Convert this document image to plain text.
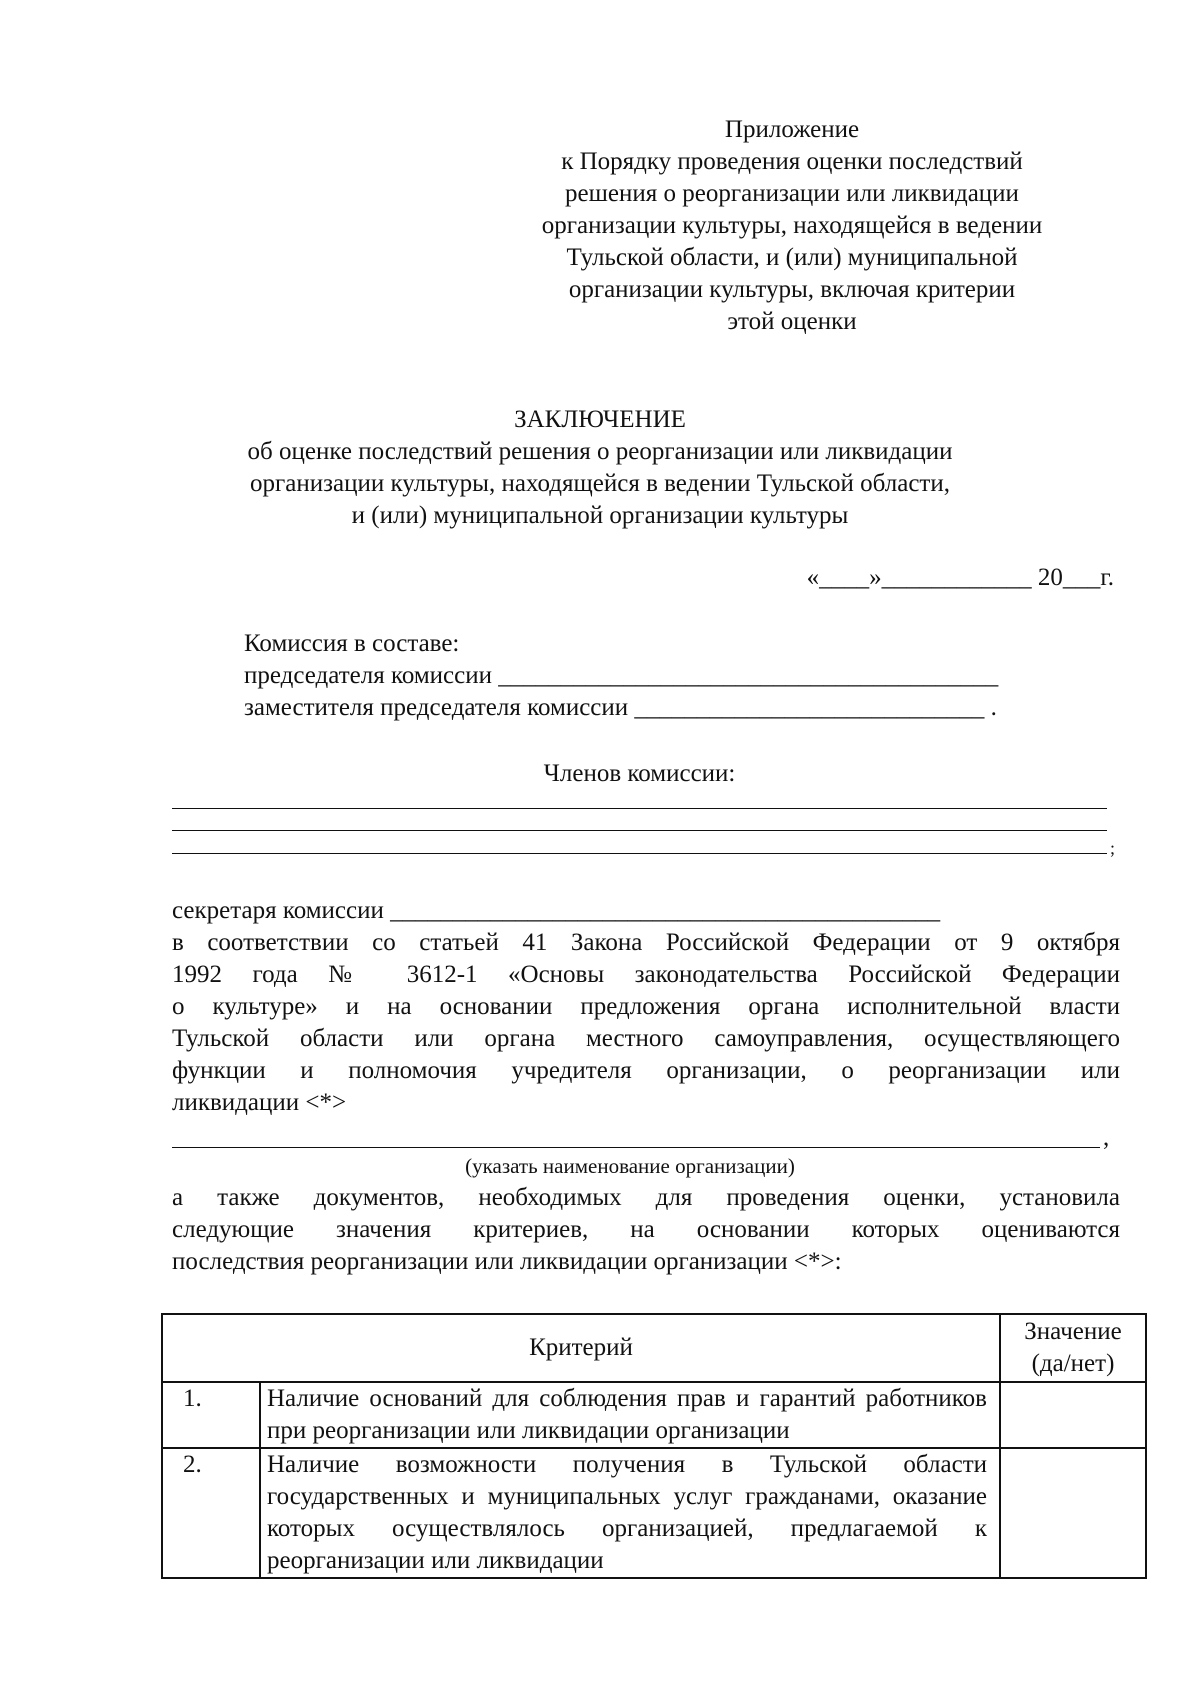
Приложение
к Порядку проведения оценки последствий
решения о реорганизации или ликвидации
организации культуры, находящейся в ведении
Тульской области, и (или) муниципальной
организации культуры, включая критерии
этой оценки
ЗАКЛЮЧЕНИЕ
об оценке последствий решения о реорганизации или ликвидации
организации культуры, находящейся в ведении Тульской области,
и (или) муниципальной организации культуры
«____»____________ 20___г.
Комиссия в составе:
председателя комиссии ________________________________________
заместителя председателя комиссии ____________________________ .
Членов комиссии:
;
секретаря комиссии ____________________________________________
в соответствии со статьей 41 Закона Российской Федерации от 9 октября
1992 года № 3612-1 «Основы законодательства Российской Федерации
о культуре» и на основании предложения органа исполнительной власти
Тульской области или органа местного самоуправления, осуществляющего
функции и полномочия учредителя организации, о реорганизации или
ликвидации <*>
,
(указать наименование организации)
а также документов, необходимых для проведения оценки, установила
следующие значения критериев, на основании которых оцениваются
последствия реорганизации или ликвидации организации <*>:
Критерий		Значение
(да/нет)

1.	Наличие оснований для соблюдения прав и гарантий работников при реорганизации или ликвидации организации	
2.	Наличие возможности получения в Тульской области государственных и муниципальных услуг гражданами, оказание которых осуществлялось организацией, предлагаемой к реорганизации или ликвидации	
